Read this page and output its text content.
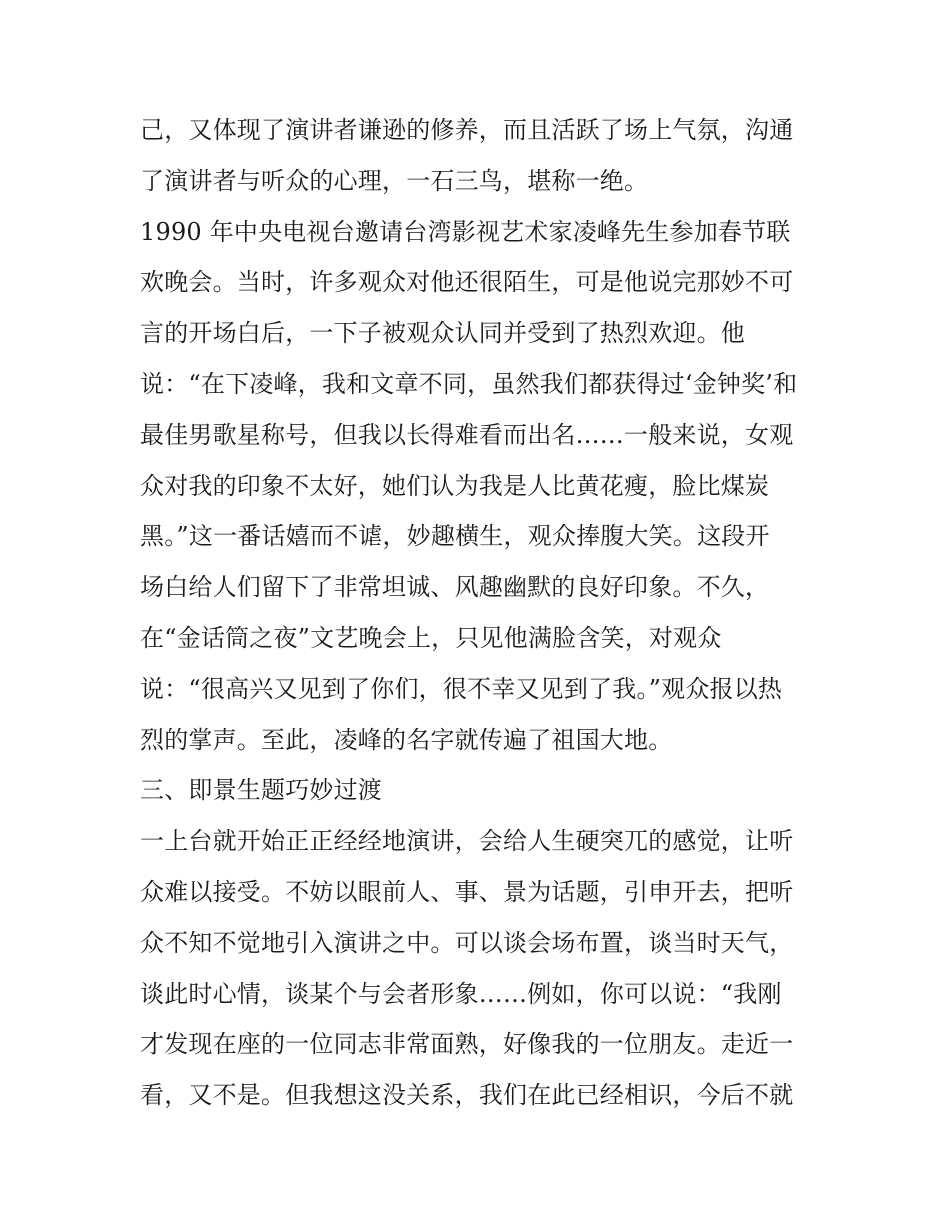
己，又体现了演讲者谦逊的修养，而且活跃了场上气氛，沟通
了演讲者与听众的心理，一石三鸟，堪称一绝。
1990 年中央电视台邀请台湾影视艺术家凌峰先生参加春节联
欢晚会。当时，许多观众对他还很陌生，可是他说完那妙不可
言的开场白后，一下子被观众认同并受到了热烈欢迎。他
说：“在下凌峰，我和文章不同，虽然我们都获得过‘金钟奖’和
最佳男歌星称号，但我以长得难看而出名……一般来说，女观
众对我的印象不太好，她们认为我是人比黄花瘦，脸比煤炭
黑。”这一番话嬉而不谑，妙趣横生，观众捧腹大笑。这段开
场白给人们留下了非常坦诚、风趣幽默的良好印象。不久，
在“金话筒之夜”文艺晚会上，只见他满脸含笑，对观众
说：“很高兴又见到了你们，很不幸又见到了我。”观众报以热
烈的掌声。至此，凌峰的名字就传遍了祖国大地。
三、即景生题巧妙过渡
一上台就开始正正经经地演讲，会给人生硬突兀的感觉，让听
众难以接受。不妨以眼前人、事、景为话题，引申开去，把听
众不知不觉地引入演讲之中。可以谈会场布置，谈当时天气，
谈此时心情，谈某个与会者形象……例如，你可以说：“我刚
才发现在座的一位同志非常面熟，好像我的一位朋友。走近一
看，又不是。但我想这没关系，我们在此已经相识，今后不就
